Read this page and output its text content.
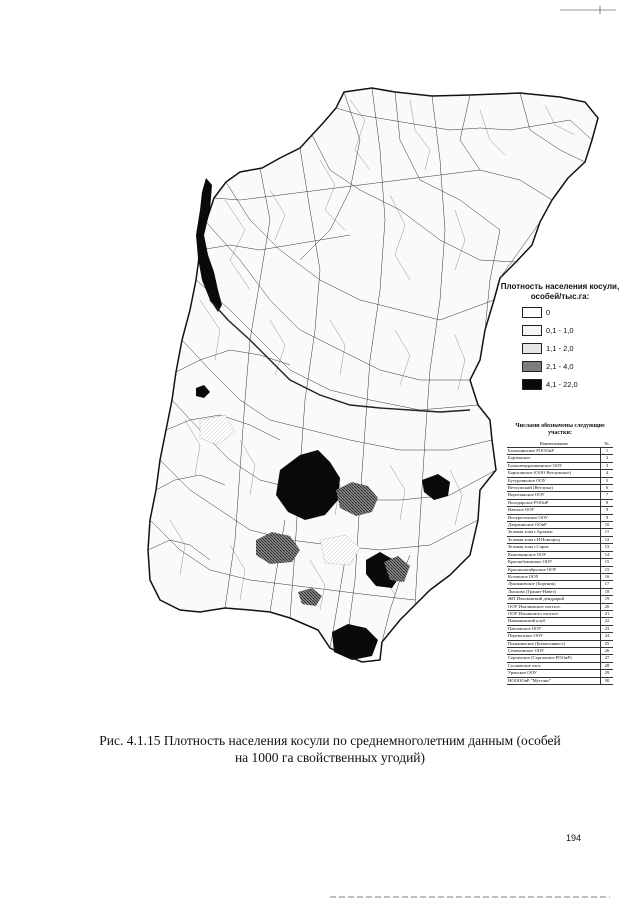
Плотность населения косули, особей/тыс.га:
0
0,1 - 1,0
1,1 - 2,0
2,1 - 4,0
4,1 - 22,0
Числами обозначены следующие участки:
Наименование	№
Балахнинское РОООиР	1
Борзинское	2
Большемурашкинское ООУ	3
Борисовское (ООО Ветлужское)	4
Бутурлинское ООУ	5
Ветлужский (Ветлужа)	6
Воротынское ООУ	7
Володарское РООиР	8
Вачское ООУ	9
Воскресенское ООУ	9
Дзержинское ООиР	10
Зеленая зона г.Арзамас	11
Зеленая зона г.Н.Новгород	12
Зеленая зона г.Саров	13
Княгининское ООУ	14
Краснобаковское ООУ	15
Краснооктябрьское ООУ	15
Кстовское ООУ	16
Лукояновское (Бортник)	17
Лысково (Гранит-Навет)	18
ЖП Ичалковский дендрарий	19
ООУ Ичалковское охотхоз.	20
ООУ Ильинского охотхоз.	21
Навашинский клуб	22
Павловское ООУ	23
Перевозское ООУ	24
Пильнинское (Бизнесинвест)	25
Семеновское ООУ	26
Сергачское (Сергачское РООиР)	27
Сосновское охот.	28
Уренское ООУ	29
НООООиР "Мустанг"	30
Рис. 4.1.15 Плотность населения косули по среднемноголетним данным (особей
на 1000 га свойственных угодий)
194
